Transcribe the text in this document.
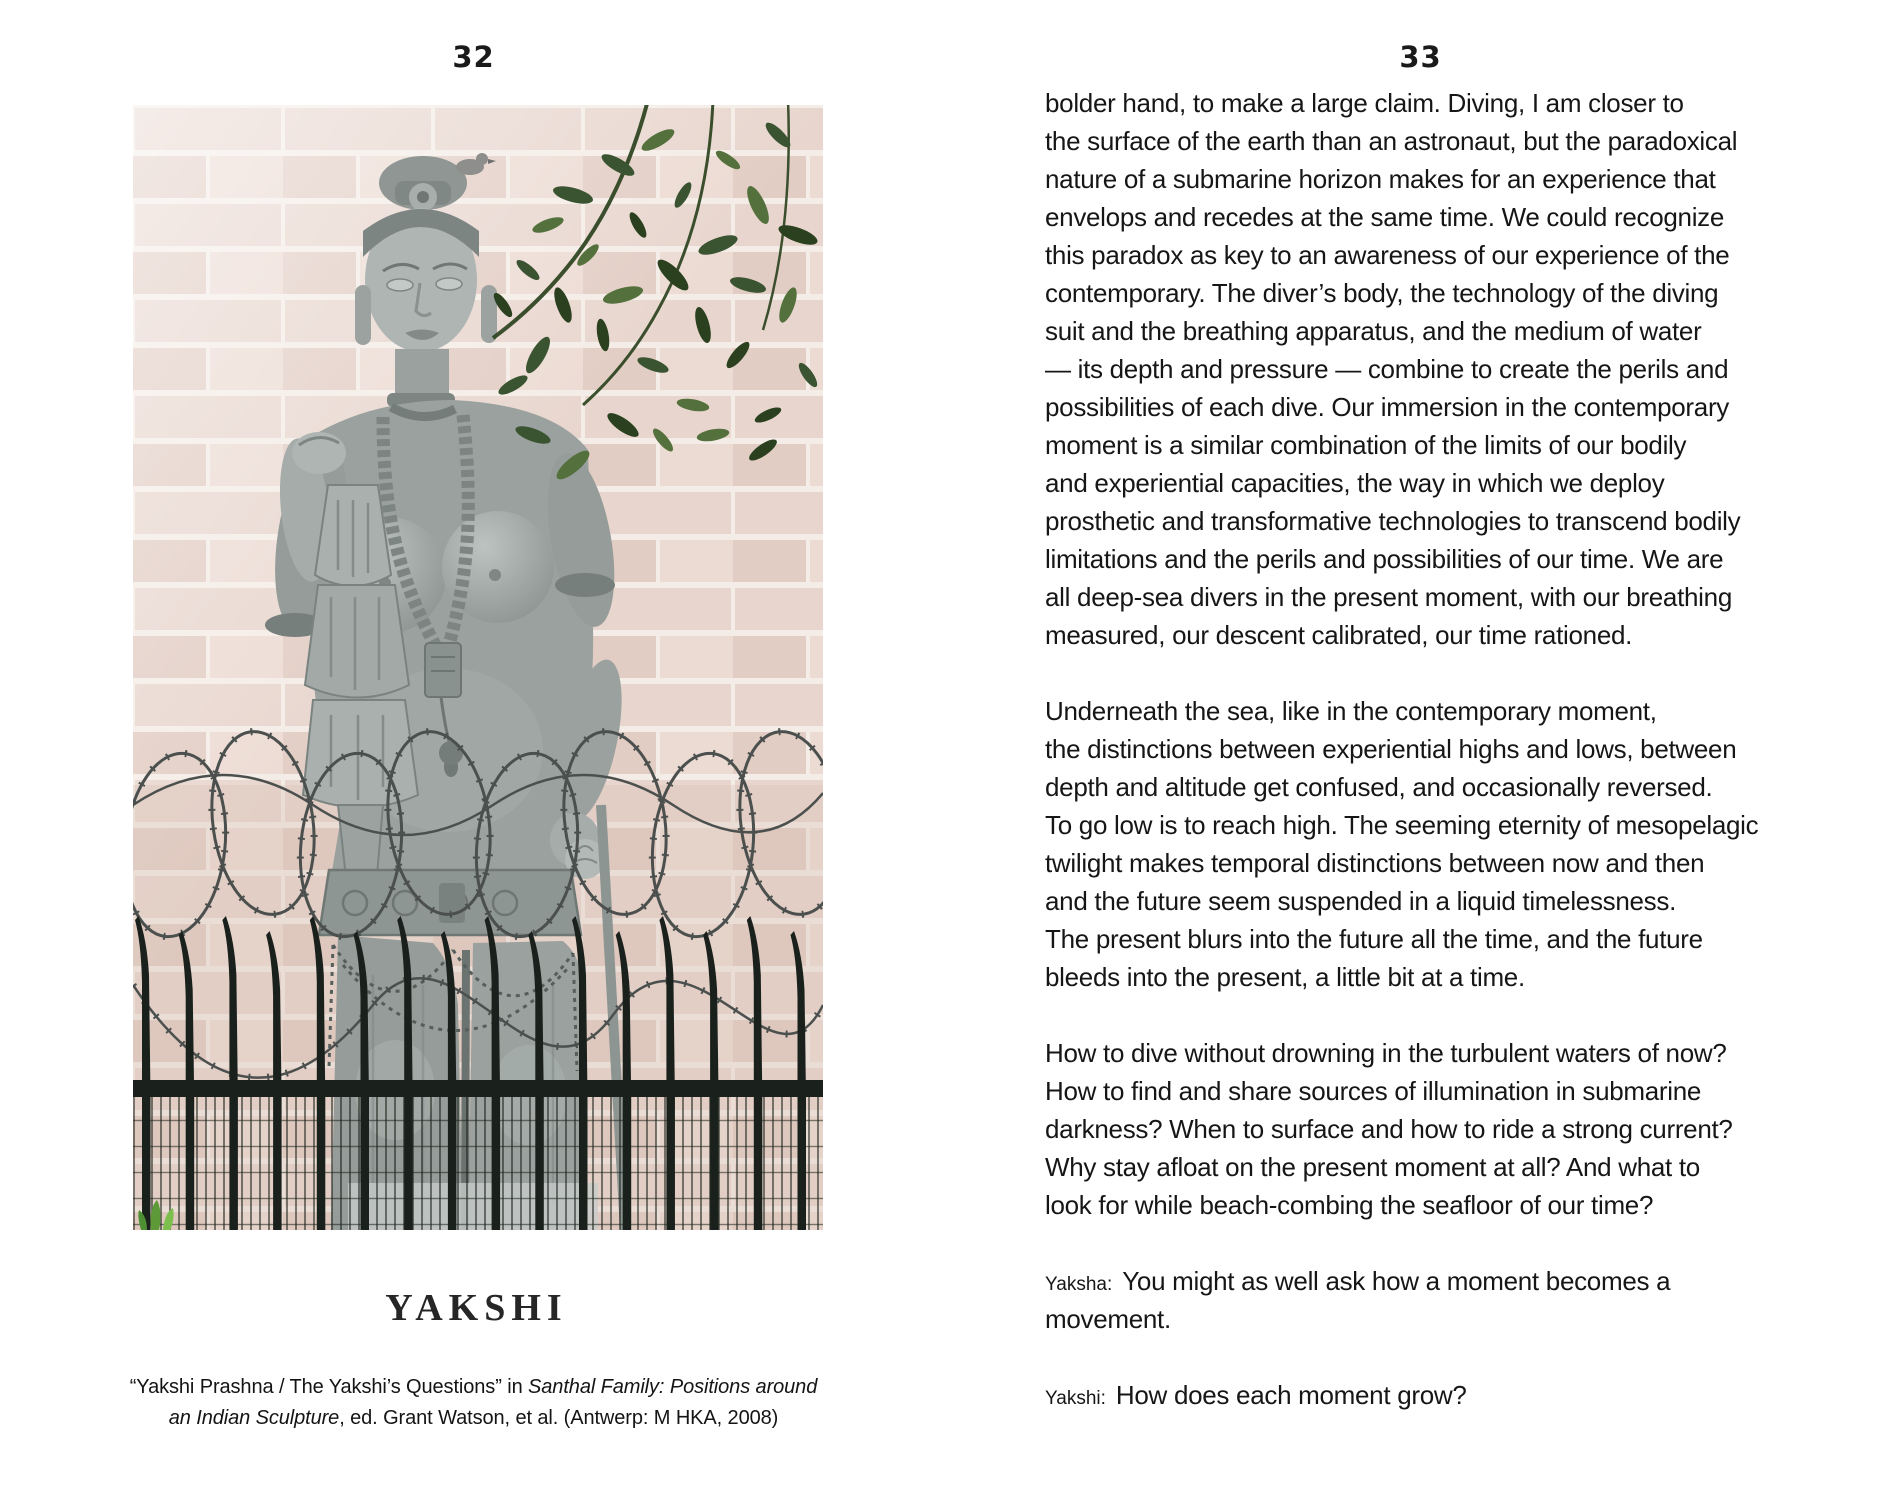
32
YAKSHI
“Yakshi Prashna / The Yakshi’s Questions” in Santhal Family: Positions around
an Indian Sculpture, ed. Grant Watson, et al. (Antwerp: M HKA, 2008)
33
bolder hand, to make a large claim. Diving, I am closer to
the surface of the earth than an astronaut, but the paradoxical
nature of a submarine horizon makes for an experience that
envelops and recedes at the same time. We could recognize
this paradox as key to an awareness of our experience of the
contemporary. The diver’s body, the technology of the diving
suit and the breathing apparatus, and the medium of water
— its depth and pressure — combine to create the perils and
possibilities of each dive. Our immersion in the contemporary
moment is a similar combination of the limits of our bodily
and experiential capacities, the way in which we deploy
prosthetic and transformative technologies to transcend bodily
limitations and the perils and possibilities of our time. We are
all deep-sea divers in the present moment, with our breathing
measured, our descent calibrated, our time rationed.
Underneath the sea, like in the contemporary moment,
the distinctions between experiential highs and lows, between
depth and altitude get confused, and occasionally reversed.
To go low is to reach high. The seeming eternity of mesopelagic
twilight makes temporal distinctions between now and then
and the future seem suspended in a liquid timelessness.
The present blurs into the future all the time, and the future
bleeds into the present, a little bit at a time.
How to dive without drowning in the turbulent waters of now?
How to find and share sources of illumination in submarine
darkness? When to surface and how to ride a strong current?
Why stay afloat on the present moment at all? And what to
look for while beach-combing the seafloor of our time?
Yaksha: You might as well ask how a moment becomes a
movement.
Yakshi: How does each moment grow?
